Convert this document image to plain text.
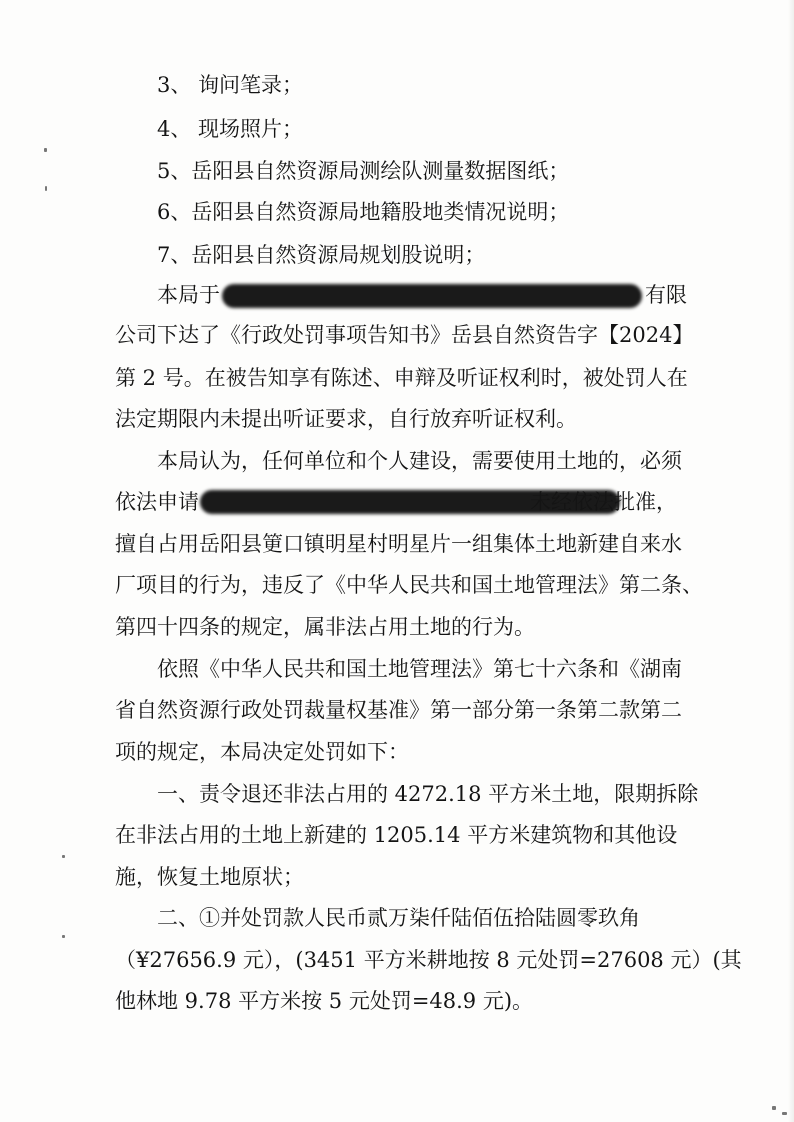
3、 询问笔录；
4、 现场照片；
5、岳阳县自然资源局测绘队测量数据图纸；
6、岳阳县自然资源局地籍股地类情况说明；
7、岳阳县自然资源局规划股说明；
本局于	有限
公司下达了《行政处罚事项告知书》岳县自然资告字【2024】
第 2 号。在被告知享有陈述、申辩及听证权利时，被处罚人在
法定期限内未提出听证要求，自行放弃听证权利。
本局认为，任何单位和个人建设，需要使用土地的，必须
依法申请	未经依法批准，
擅自占用岳阳县筻口镇明星村明星片一组集体土地新建自来水
厂项目的行为，违反了《中华人民共和国土地管理法》第二条、
第四十四条的规定，属非法占用土地的行为。
依照《中华人民共和国土地管理法》第七十六条和《湖南
省自然资源行政处罚裁量权基准》第一部分第一条第二款第二
项的规定，本局决定处罚如下：
一、责令退还非法占用的 4272.18 平方米土地，限期拆除
在非法占用的土地上新建的 1205.14 平方米建筑物和其他设
施，恢复土地原状；
二、①并处罚款人民币贰万柒仟陆佰伍拾陆圆零玖角
（¥27656.9 元），(3451 平方米耕地按 8 元处罚=27608 元）(其
他林地 9.78 平方米按 5 元处罚=48.9 元)。
